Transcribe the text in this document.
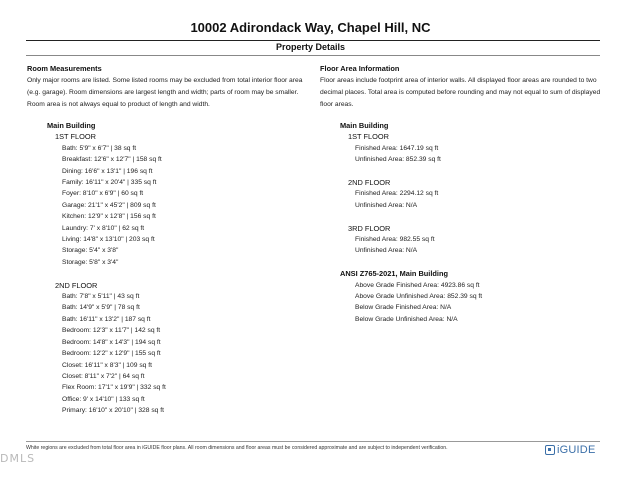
10002 Adirondack Way, Chapel Hill, NC
Property Details
Room Measurements
Only major rooms are listed. Some listed rooms may be excluded from total interior floor area (e.g. garage). Room dimensions are largest length and width; parts of room may be smaller. Room area is not always equal to product of length and width.
Main Building
1ST FLOOR
Bath: 5'9" x 6'7" | 38 sq ft
Breakfast: 12'6" x 12'7" | 158 sq ft
Dining: 16'6" x 13'1" | 196 sq ft
Family: 16'11" x 20'4" | 335 sq ft
Foyer: 8'10" x 6'9" | 60 sq ft
Garage: 21'1" x 45'2" | 809 sq ft
Kitchen: 12'9" x 12'8" | 156 sq ft
Laundry: 7' x 8'10" | 62 sq ft
Living: 14'8" x 13'10" | 203 sq ft
Storage: 5'4" x 3'8"
Storage: 5'8" x 3'4"
2ND FLOOR
Bath: 7'8" x 5'11" | 43 sq ft
Bath: 14'9" x 5'9" | 78 sq ft
Bath: 16'11" x 13'2" | 187 sq ft
Bedroom: 12'3" x 11'7" | 142 sq ft
Bedroom: 14'8" x 14'3" | 194 sq ft
Bedroom: 12'2" x 12'9" | 155 sq ft
Closet: 16'11" x 8'3" | 109 sq ft
Closet: 8'11" x 7'2" | 64 sq ft
Flex Room: 17'1" x 19'9" | 332 sq ft
Office: 9' x 14'10" | 133 sq ft
Primary: 16'10" x 20'10" | 328 sq ft
Floor Area Information
Floor areas include footprint area of interior walls. All displayed floor areas are rounded to two decimal places. Total area is computed before rounding and may not equal to sum of displayed floor areas.
Main Building
1ST FLOOR
Finished Area: 1647.19 sq ft
Unfinished Area: 852.39 sq ft
2ND FLOOR
Finished Area: 2294.12 sq ft
Unfinished Area: N/A
3RD FLOOR
Finished Area: 982.55 sq ft
Unfinished Area: N/A
ANSI Z765-2021, Main Building
Above Grade Finished Area: 4923.86 sq ft
Above Grade Unfinished Area: 852.39 sq ft
Below Grade Finished Area: N/A
Below Grade Unfinished Area: N/A
White regions are excluded from total floor area in iGUIDE floor plans. All room dimensions and floor areas must be considered approximate and are subject to independent verification.	iGUIDE
DMLS
